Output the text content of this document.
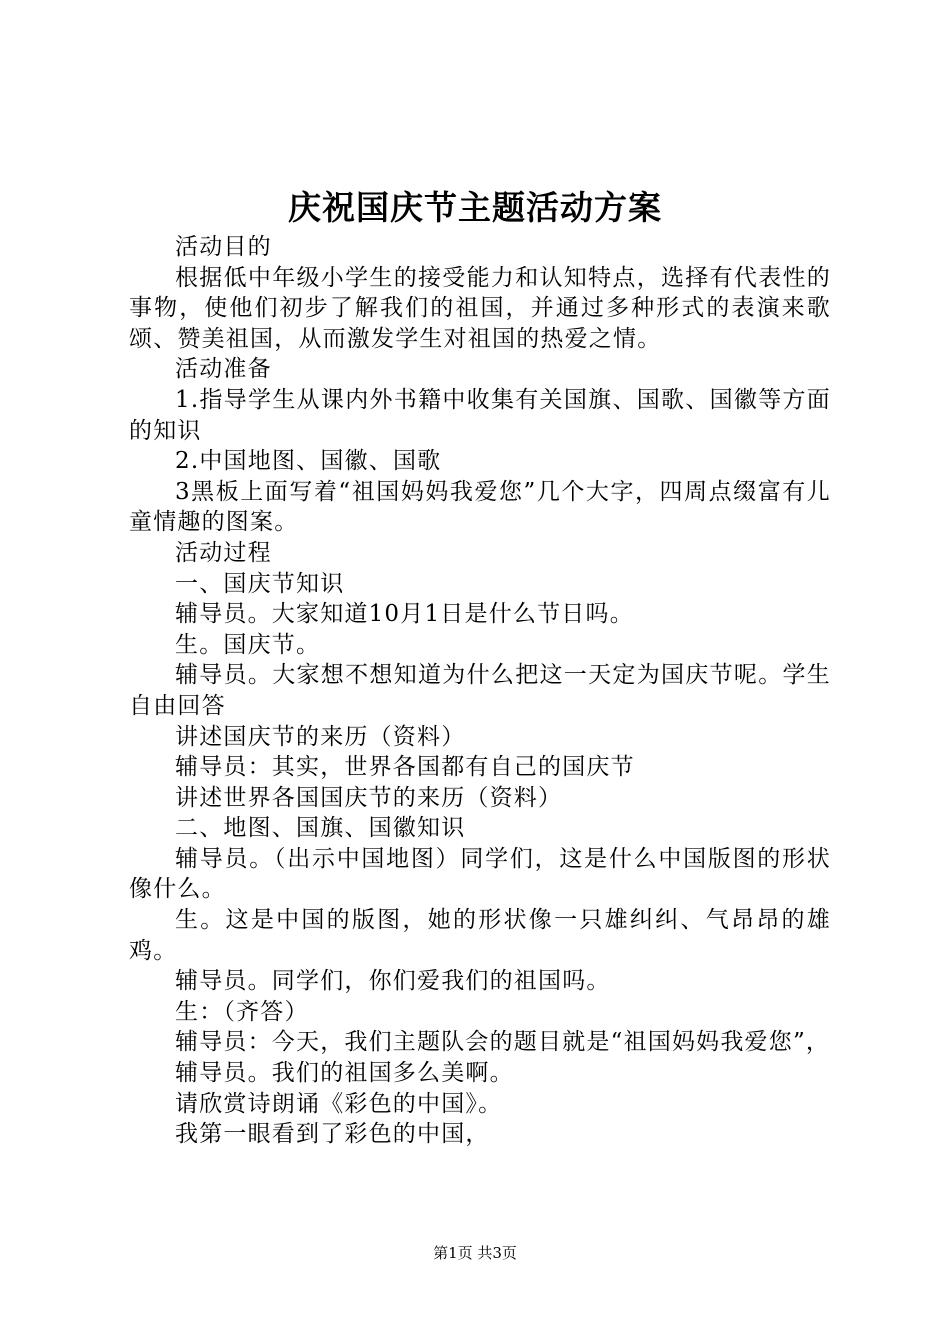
庆祝国庆节主题活动方案

活动目的

根据低中年级小学生的接受能力和认知特点，选择有代表性的事物，使他们初步了解我们的祖国，并通过多种形式的表演来歌颂、赞美祖国，从而激发学生对祖国的热爱之情。

活动准备

1.指导学生从课内外书籍中收集有关国旗、国歌、国徽等方面的知识

2.中国地图、国徽、国歌

3黑板上面写着“祖国妈妈我爱您”几个大字，四周点缀富有儿童情趣的图案。

活动过程

一、国庆节知识

辅导员。大家知道10月1日是什么节日吗。

生。国庆节。

辅导员。大家想不想知道为什么把这一天定为国庆节呢。学生自由回答

讲述国庆节的来历（资料）

辅导员：其实，世界各国都有自己的国庆节

讲述世界各国国庆节的来历（资料）

二、地图、国旗、国徽知识

辅导员。（出示中国地图）同学们，这是什么中国版图的形状像什么。

生。这是中国的版图，她的形状像一只雄纠纠、气昂昂的雄鸡。

辅导员。同学们，你们爱我们的祖国吗。

生：（齐答）

辅导员：今天，我们主题队会的题目就是“祖国妈妈我爱您”，

辅导员。我们的祖国多么美啊。

请欣赏诗朗诵《彩色的中国》。

我第一眼看到了彩色的中国，

第1页 共3页
